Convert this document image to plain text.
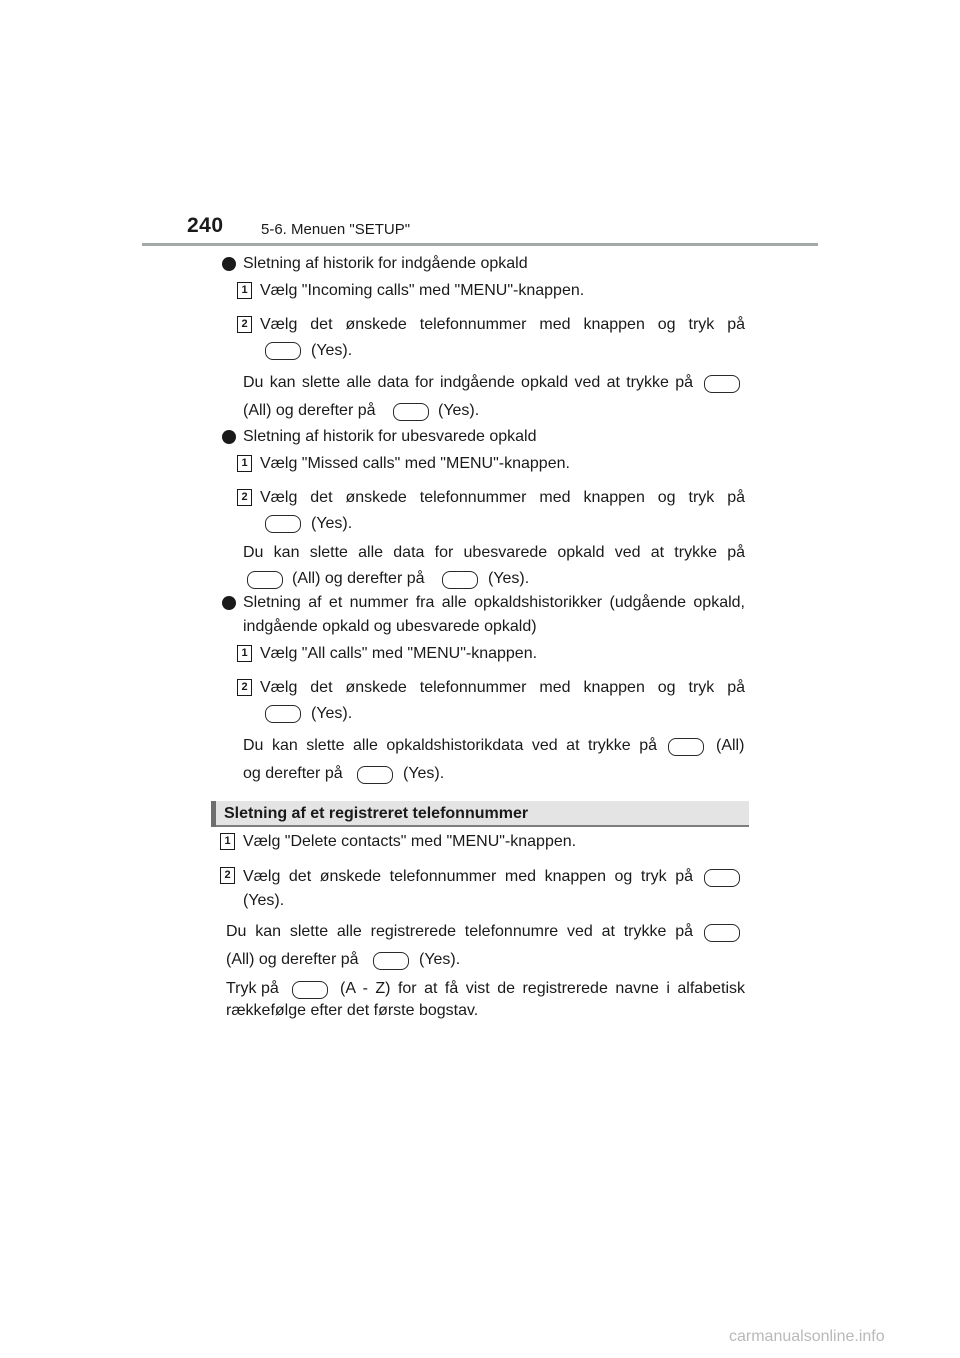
240 5-6. Menuen "SETUP"
Sletning af historik for indgående opkald
1 Vælg "Incoming calls" med "MENU"-knappen.
2 Vælg det ønskede telefonnummer med knappen og tryk på
(Yes).
Du kan slette alle data for indgående opkald ved at trykke på
(All) og derefter på	(Yes).
Sletning af historik for ubesvarede opkald
1 Vælg "Missed calls" med "MENU"-knappen.
2 Vælg det ønskede telefonnummer med knappen og tryk på
(Yes).
Du kan slette alle data for ubesvarede opkald ved at trykke på
(All) og derefter på	(Yes).
Sletning af et nummer fra alle opkaldshistorikker (udgående opkald, indgående opkald og ubesvarede opkald)
1 Vælg "All calls" med "MENU"-knappen.
2 Vælg det ønskede telefonnummer med knappen og tryk på
(Yes).
Du kan slette alle opkaldshistorikdata ved at trykke på	(All)
og derefter på	(Yes).
Sletning af et registreret telefonnummer
1 Vælg "Delete contacts" med "MENU"-knappen.
2 Vælg det ønskede telefonnummer med knappen og tryk på
(Yes).
Du kan slette alle registrerede telefonnumre ved at trykke på
(All) og derefter på	(Yes).
Tryk på	(A - Z) for at få vist de registrerede navne i alfabetisk
rækkefølge efter det første bogstav.
carmanualsonline.info
